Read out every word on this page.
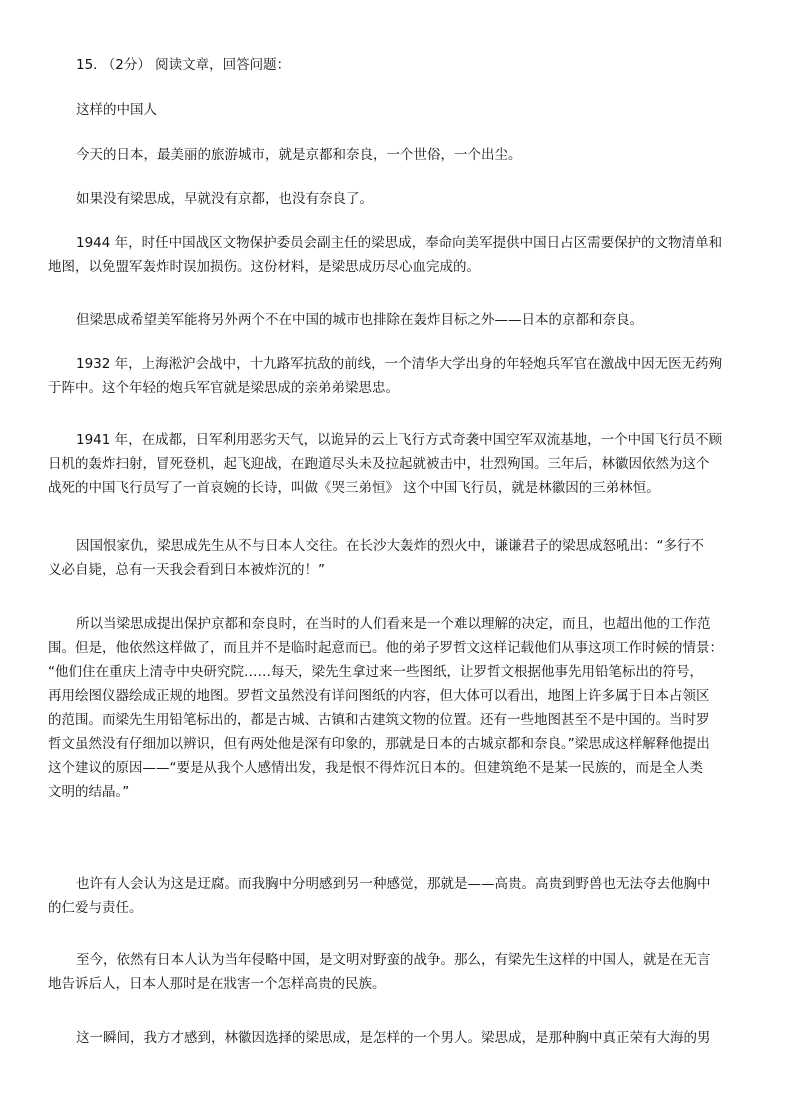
15. （2分） 阅读文章，回答问题：

这样的中国人

今天的日本，最美丽的旅游城市，就是京都和奈良，一个世俗，一个出尘。

如果没有梁思成，早就没有京都，也没有奈良了。

1944 年，时任中国战区文物保护委员会副主任的梁思成，奉命向美军提供中国日占区需要保护的文物清单和
地图，以免盟军轰炸时误加损伤。这份材料，是梁思成历尽心血完成的。

但梁思成希望美军能将另外两个不在中国的城市也排除在轰炸目标之外——日本的京都和奈良。

1932 年，上海淞沪会战中，十九路军抗敌的前线，一个清华大学出身的年轻炮兵军官在激战中因无医无药殉
于阵中。这个年轻的炮兵军官就是梁思成的亲弟弟梁思忠。

1941 年，在成都，日军利用恶劣天气，以诡异的云上飞行方式奇袭中国空军双流基地，一个中国飞行员不顾
日机的轰炸扫射，冒死登机，起飞迎战，在跑道尽头未及拉起就被击中，壮烈殉国。三年后，林徽因依然为这个
战死的中国飞行员写了一首哀婉的长诗，叫做《哭三弟恒》 这个中国飞行员，就是林徽因的三弟林恒。

因国恨家仇，梁思成先生从不与日本人交往。在长沙大轰炸的烈火中，谦谦君子的梁思成怒吼出：“多行不
义必自毙，总有一天我会看到日本被炸沉的！”

所以当梁思成提出保护京都和奈良时，在当时的人们看来是一个难以理解的决定，而且，也超出他的工作范
围。但是，他依然这样做了，而且并不是临时起意而已。他的弟子罗哲文这样记载他们从事这项工作时候的情景：
“他们住在重庆上清寺中央研究院……每天，梁先生拿过来一些图纸，让罗哲文根据他事先用铅笔标出的符号，
再用绘图仪器绘成正规的地图。罗哲文虽然没有详问图纸的内容，但大体可以看出，地图上许多属于日本占领区
的范围。而梁先生用铅笔标出的，都是古城、古镇和古建筑文物的位置。还有一些地图甚至不是中国的。当时罗
哲文虽然没有仔细加以辨识，但有两处他是深有印象的，那就是日本的古城京都和奈良。”梁思成这样解释他提出
这个建议的原因——“要是从我个人感情出发，我是恨不得炸沉日本的。但建筑绝不是某一民族的，而是全人类
文明的结晶。”

也许有人会认为这是迂腐。而我胸中分明感到另一种感觉，那就是——高贵。高贵到野兽也无法夺去他胸中
的仁爱与责任。

至今，依然有日本人认为当年侵略中国，是文明对野蛮的战争。那么，有梁先生这样的中国人，就是在无言
地告诉后人，日本人那时是在戕害一个怎样高贵的民族。

这一瞬间，我方才感到，林徽因选择的梁思成，是怎样的一个男人。梁思成，是那种胸中真正荣有大海的男
